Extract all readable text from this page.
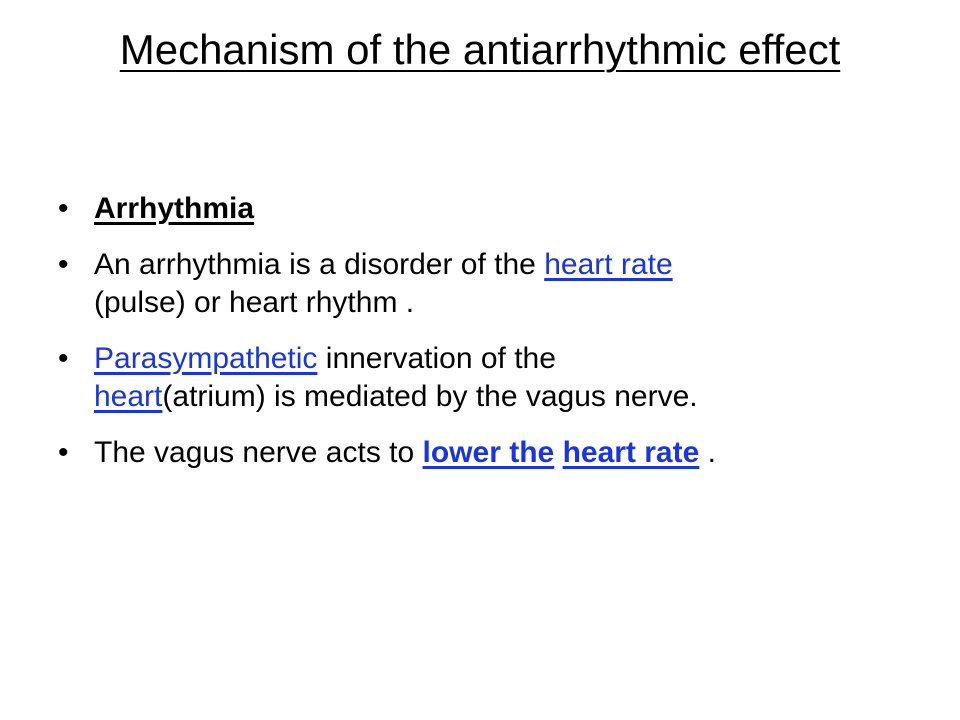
Mechanism of the antiarrhythmic effect
• Arrhythmia
• An arrhythmia is a disorder of the heart rate
(pulse) or heart rhythm .
• Parasympathetic innervation of the
heart(atrium) is mediated by the vagus nerve.
• The vagus nerve acts to lower the heart rate .
